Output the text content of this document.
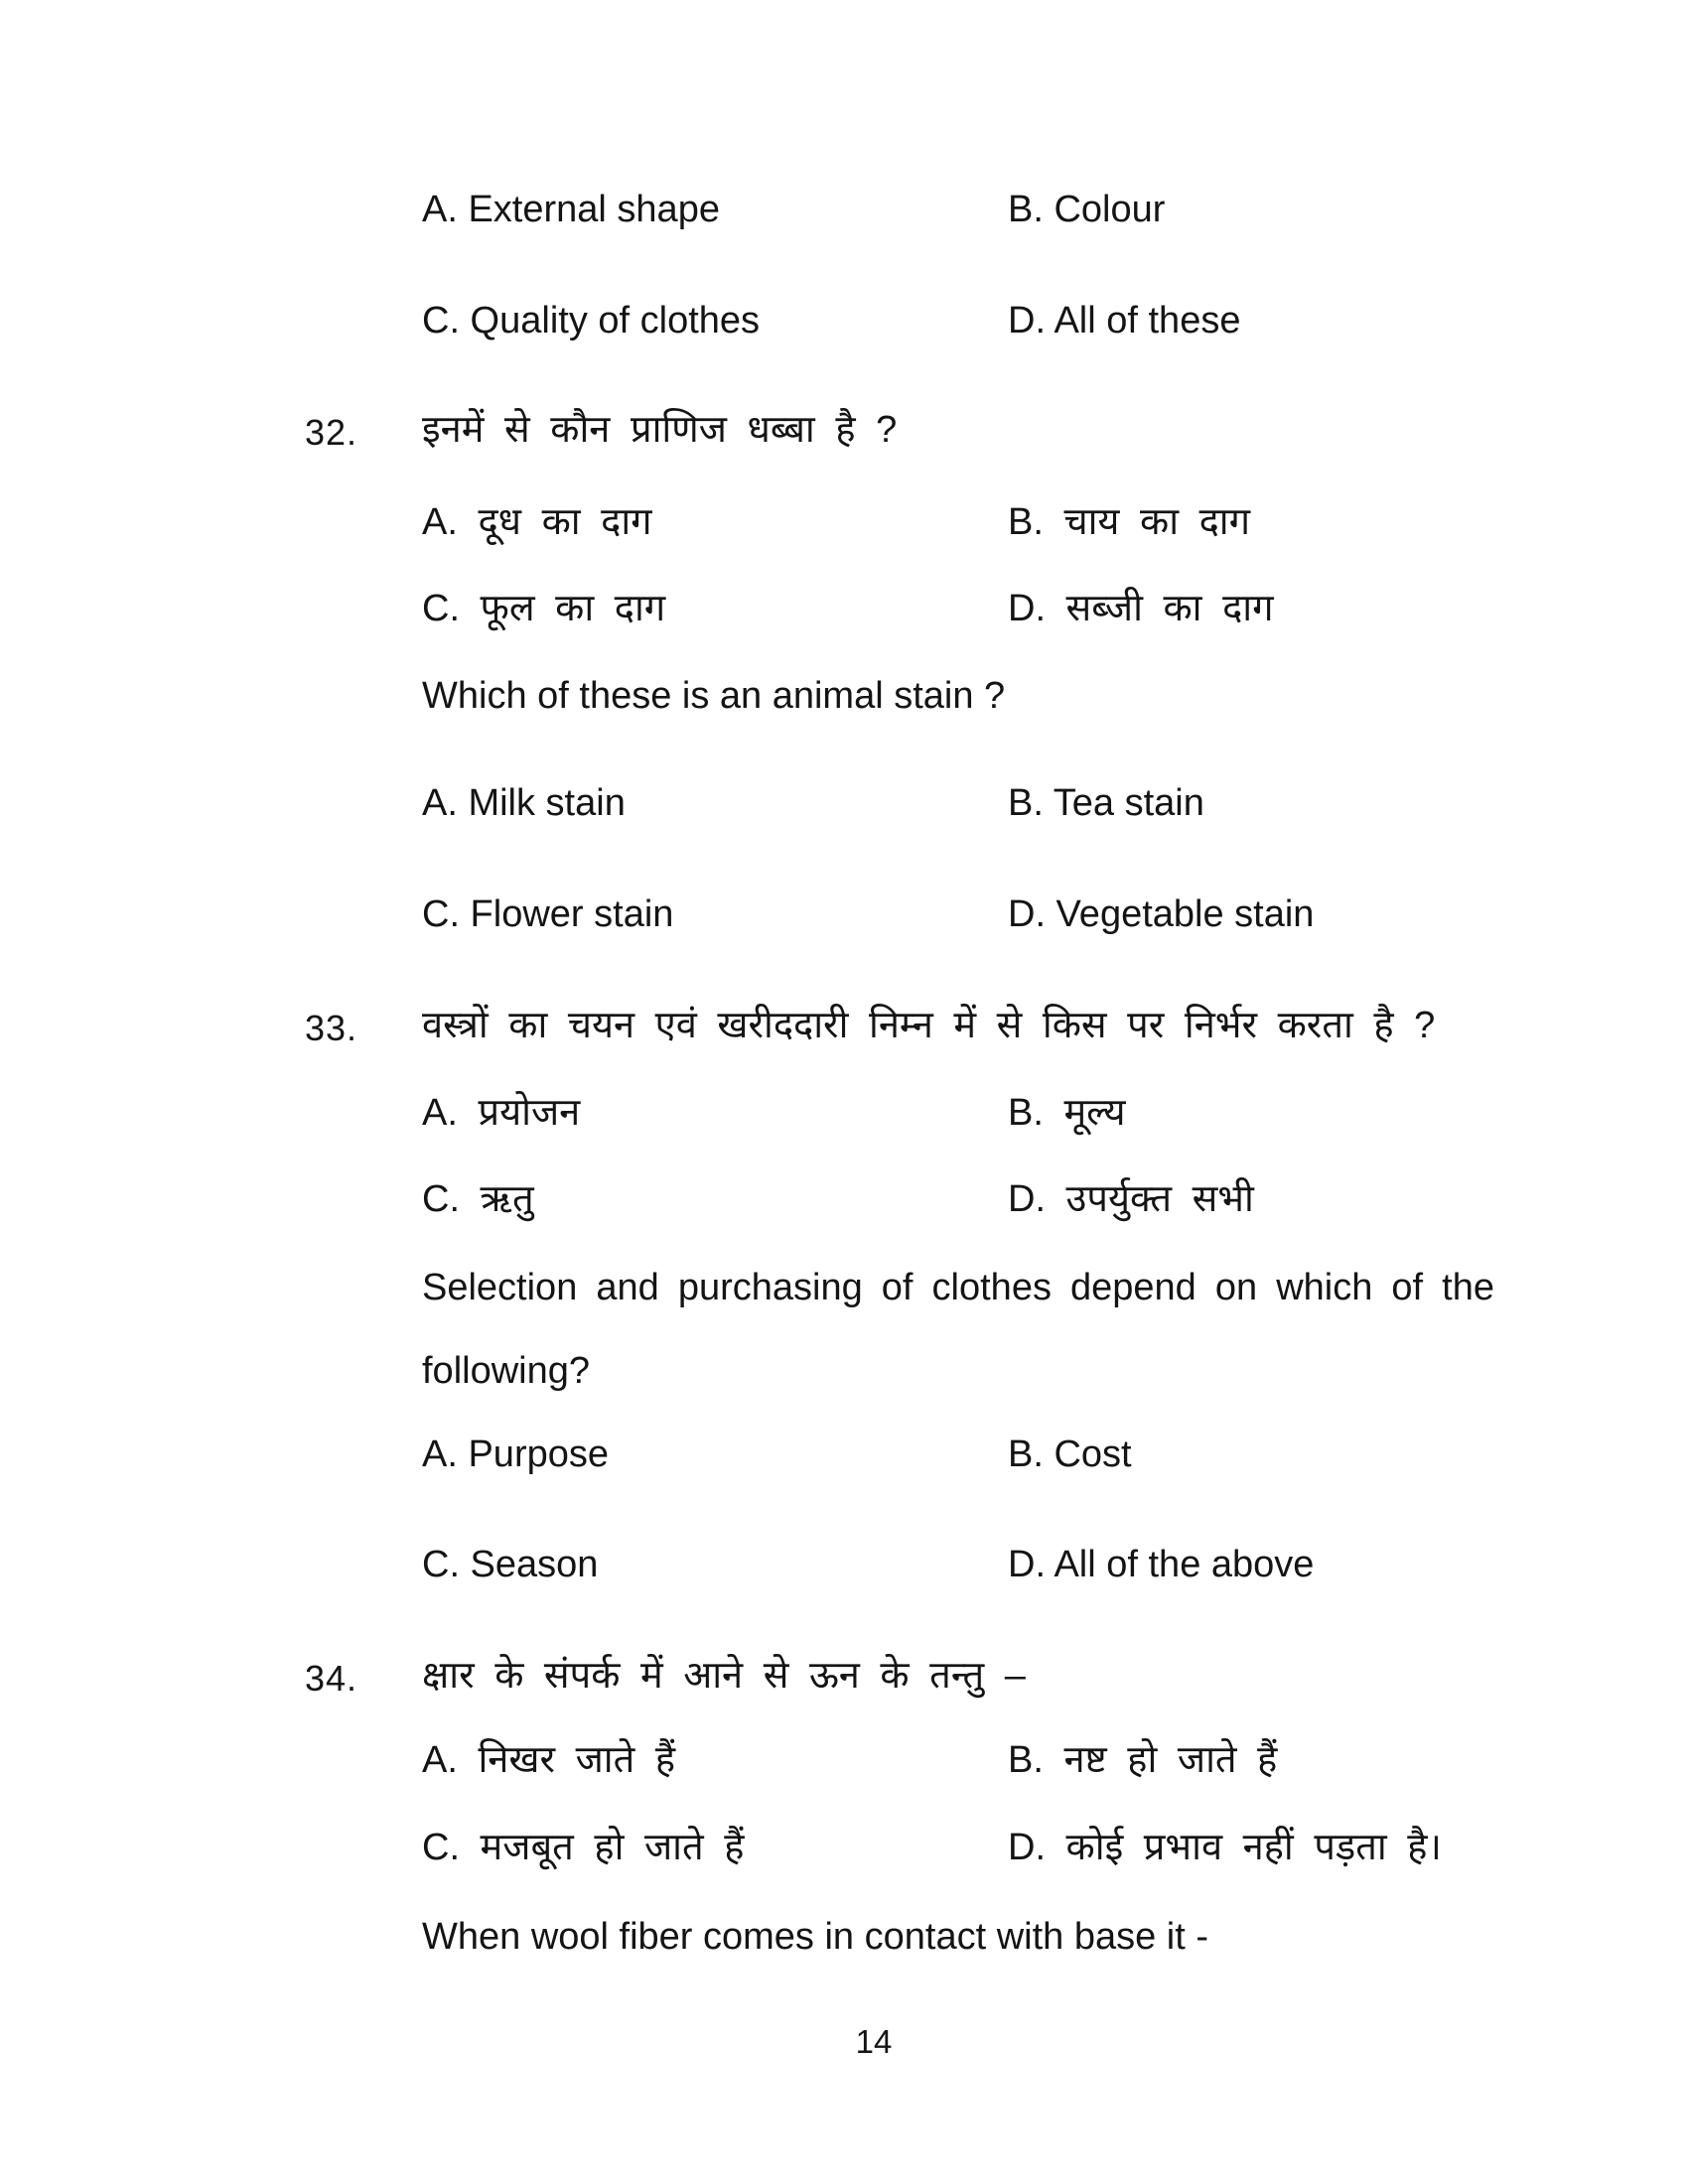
A. External shape	B. Colour
C. Quality of clothes	D. All of these
32. इनमें से कौन प्राणिज धब्बा है ?
A. दूध का दाग	B. चाय का दाग
C. फूल का दाग	D. सब्जी का दाग
Which of these is an animal stain ?
A. Milk stain	B. Tea stain
C. Flower stain	D. Vegetable stain
33. वस्त्रों का चयन एवं खरीददारी निम्न में से किस पर निर्भर करता है ?
A. प्रयोजन	B. मूल्य
C. ऋतु	D. उपर्युक्त सभी
Selection and purchasing of clothes depend on which of the
following?
A. Purpose	B. Cost
C. Season	D. All of the above
34. क्षार के संपर्क में आने से ऊन के तन्तु –
A. निखर जाते हैं	B. नष्ट हो जाते हैं
C. मजबूत हो जाते हैं	D. कोई प्रभाव नहीं पड़ता है।
When wool fiber comes in contact with base it -
14
